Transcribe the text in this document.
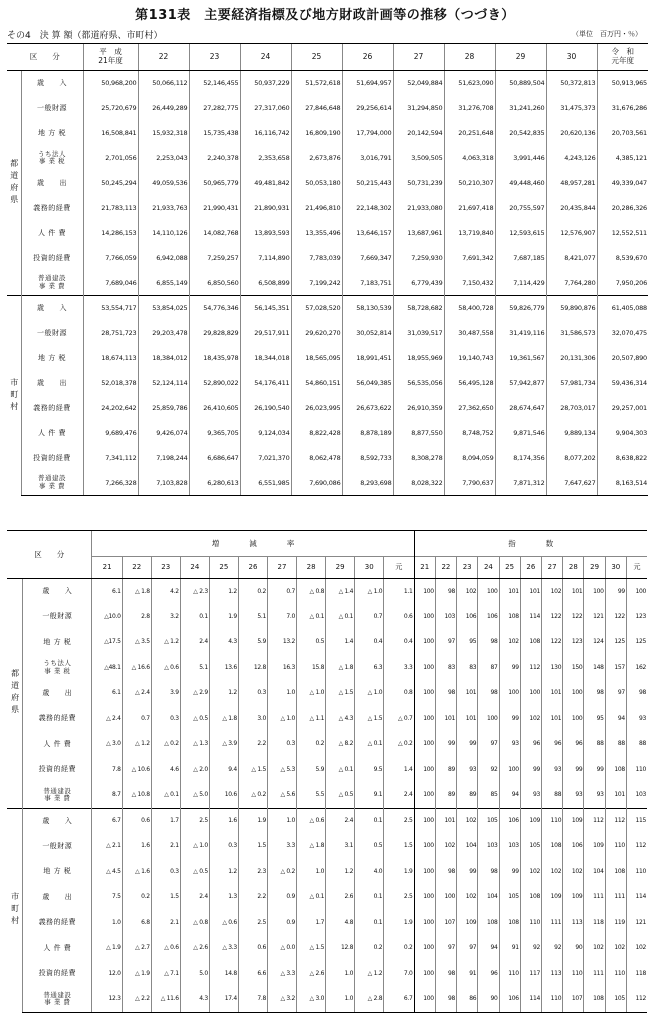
第131表　主要経済指標及び地方財政計画等の推移（つづき）
その4　決 算 額（都道府県、市町村）	（単位　百万円・％）
区　　分		平　成
21年度	22	23	24	25	26	27	28	29	30	令　和
元年度

都道府県	歳　　入	50,968,200	50,066,112	52,146,455	50,937,229	51,572,618	51,694,957	52,049,884	51,623,090	50,889,504	50,372,813	50,913,965
	一般財源	25,720,679	26,449,289	27,282,775	27,317,060	27,846,648	29,256,614	31,294,850	31,276,708	31,241,260	31,475,373	31,676,286
	地 方 税	16,508,841	15,932,318	15,735,438	16,116,742	16,809,190	17,794,000	20,142,594	20,251,648	20,542,835	20,620,136	20,703,561

	うち法人
事 業 税	2,701,056	2,253,043	2,240,378	2,353,658	2,673,876	3,016,791	3,509,505	4,063,318	3,991,446	4,243,126	4,385,121
	歳　　出	50,245,294	49,059,536	50,965,779	49,481,842	50,053,180	50,215,443	50,731,239	50,210,307	49,448,460	48,957,281	49,339,047
	義務的経費	21,783,113	21,933,763	21,990,431	21,890,931	21,496,810	22,148,302	21,933,080	21,697,418	20,755,597	20,435,844	20,286,326
	人 件 費	14,286,153	14,110,126	14,082,768	13,893,593	13,355,496	13,646,157	13,687,961	13,719,840	12,593,615	12,576,907	12,552,511
	投資的経費	7,766,059	6,942,088	7,259,257	7,114,890	7,783,039	7,669,347	7,259,930	7,691,342	7,687,185	8,421,077	8,539,670

	普通建設
事 業 費	7,689,046	6,855,149	6,850,560	6,508,899	7,199,242	7,183,751	6,779,439	7,150,432	7,114,429	7,764,280	7,950,206
市町村	歳　　入	53,554,717	53,854,025	54,776,346	56,145,351	57,028,520	58,130,539	58,728,682	58,400,728	59,826,779	59,890,876	61,405,088
	一般財源	28,751,723	29,203,478	29,828,829	29,517,911	29,620,270	30,052,814	31,039,517	30,487,558	31,419,116	31,586,573	32,070,475
	地 方 税	18,674,113	18,384,012	18,435,978	18,344,018	18,565,095	18,991,451	18,955,969	19,140,743	19,361,567	20,131,306	20,507,890
	歳　　出	52,018,378	52,124,114	52,890,022	54,176,411	54,860,151	56,049,385	56,535,056	56,495,128	57,942,877	57,981,734	59,436,314
	義務的経費	24,202,642	25,859,786	26,410,605	26,190,540	26,023,995	26,673,622	26,910,359	27,362,650	28,674,647	28,703,017	29,257,001
	人 件 費	9,689,476	9,426,074	9,365,705	9,124,034	8,822,428	8,878,189	8,877,550	8,748,752	9,871,546	9,889,134	9,904,303
	投資的経費	7,341,112	7,198,244	6,686,647	7,021,370	8,062,478	8,592,733	8,308,278	8,094,059	8,174,356	8,077,202	8,638,822

	普通建設
事 業 費	7,266,328	7,103,828	6,280,613	6,551,985	7,690,086	8,293,698	8,028,322	7,790,637	7,871,312	7,647,627	8,163,514
区　　分		増　　　　減　　　　率											指　　　　数										
		21	22	23	24	25	26	27	28	29	30	元	21	22	23	24	25	26	27	28	29	30	元
都道府県	歳　　入	6.1	△ 1.8	4.2	△ 2.3	1.2	0.2	0.7	△ 0.8	△ 1.4	△ 1.0	1.1	100	98	102	100	101	101	102	101	100	99	100
	一般財源	△10.0	2.8	3.2	0.1	1.9	5.1	7.0	△ 0.1	△ 0.1	0.7	0.6	100	103	106	106	108	114	122	122	121	122	123
	地 方 税	△17.5	△ 3.5	△ 1.2	2.4	4.3	5.9	13.2	0.5	1.4	0.4	0.4	100	97	95	98	102	108	122	123	124	125	125

	うち法人
事 業 税	△48.1	△ 16.6	△ 0.6	5.1	13.6	12.8	16.3	15.8	△ 1.8	6.3	3.3	100	83	83	87	99	112	130	150	148	157	162
	歳　　出	6.1	△ 2.4	3.9	△ 2.9	1.2	0.3	1.0	△ 1.0	△ 1.5	△ 1.0	0.8	100	98	101	98	100	100	101	100	98	97	98
	義務的経費	△ 2.4	0.7	0.3	△ 0.5	△ 1.8	3.0	△ 1.0	△ 1.1	△ 4.3	△ 1.5	△ 0.7	100	101	101	100	99	102	101	100	95	94	93
	人 件 費	△ 3.0	△ 1.2	△ 0.2	△ 1.3	△ 3.9	2.2	0.3	0.2	△ 8.2	△ 0.1	△ 0.2	100	99	99	97	93	96	96	96	88	88	88
	投資的経費	7.8	△ 10.6	4.6	△ 2.0	9.4	△ 1.5	△ 5.3	5.9	△ 0.1	9.5	1.4	100	89	93	92	100	99	93	99	99	108	110

	普通建設
事 業 費	8.7	△ 10.8	△ 0.1	△ 5.0	10.6	△ 0.2	△ 5.6	5.5	△ 0.5	9.1	2.4	100	89	89	85	94	93	88	93	93	101	103
市町村	歳　　入	6.7	0.6	1.7	2.5	1.6	1.9	1.0	△ 0.6	2.4	0.1	2.5	100	101	102	105	106	109	110	109	112	112	115
	一般財源	△ 2.1	1.6	2.1	△ 1.0	0.3	1.5	3.3	△ 1.8	3.1	0.5	1.5	100	102	104	103	103	105	108	106	109	110	112
	地 方 税	△ 4.5	△ 1.6	0.3	△ 0.5	1.2	2.3	△ 0.2	1.0	1.2	4.0	1.9	100	98	99	98	99	102	102	102	104	108	110
	歳　　出	7.5	0.2	1.5	2.4	1.3	2.2	0.9	△ 0.1	2.6	0.1	2.5	100	100	102	104	105	108	109	109	111	111	114
	義務的経費	1.0	6.8	2.1	△ 0.8	△ 0.6	2.5	0.9	1.7	4.8	0.1	1.9	100	107	109	108	108	110	111	113	118	119	121
	人 件 費	△ 1.9	△ 2.7	△ 0.6	△ 2.6	△ 3.3	0.6	△ 0.0	△ 1.5	12.8	0.2	0.2	100	97	97	94	91	92	92	90	102	102	102
	投資的経費	12.0	△ 1.9	△ 7.1	5.0	14.8	6.6	△ 3.3	△ 2.6	1.0	△ 1.2	7.0	100	98	91	96	110	117	113	110	111	110	118

	普通建設
事 業 費	12.3	△ 2.2	△ 11.6	4.3	17.4	7.8	△ 3.2	△ 3.0	1.0	△ 2.8	6.7	100	98	86	90	106	114	110	107	108	105	112
